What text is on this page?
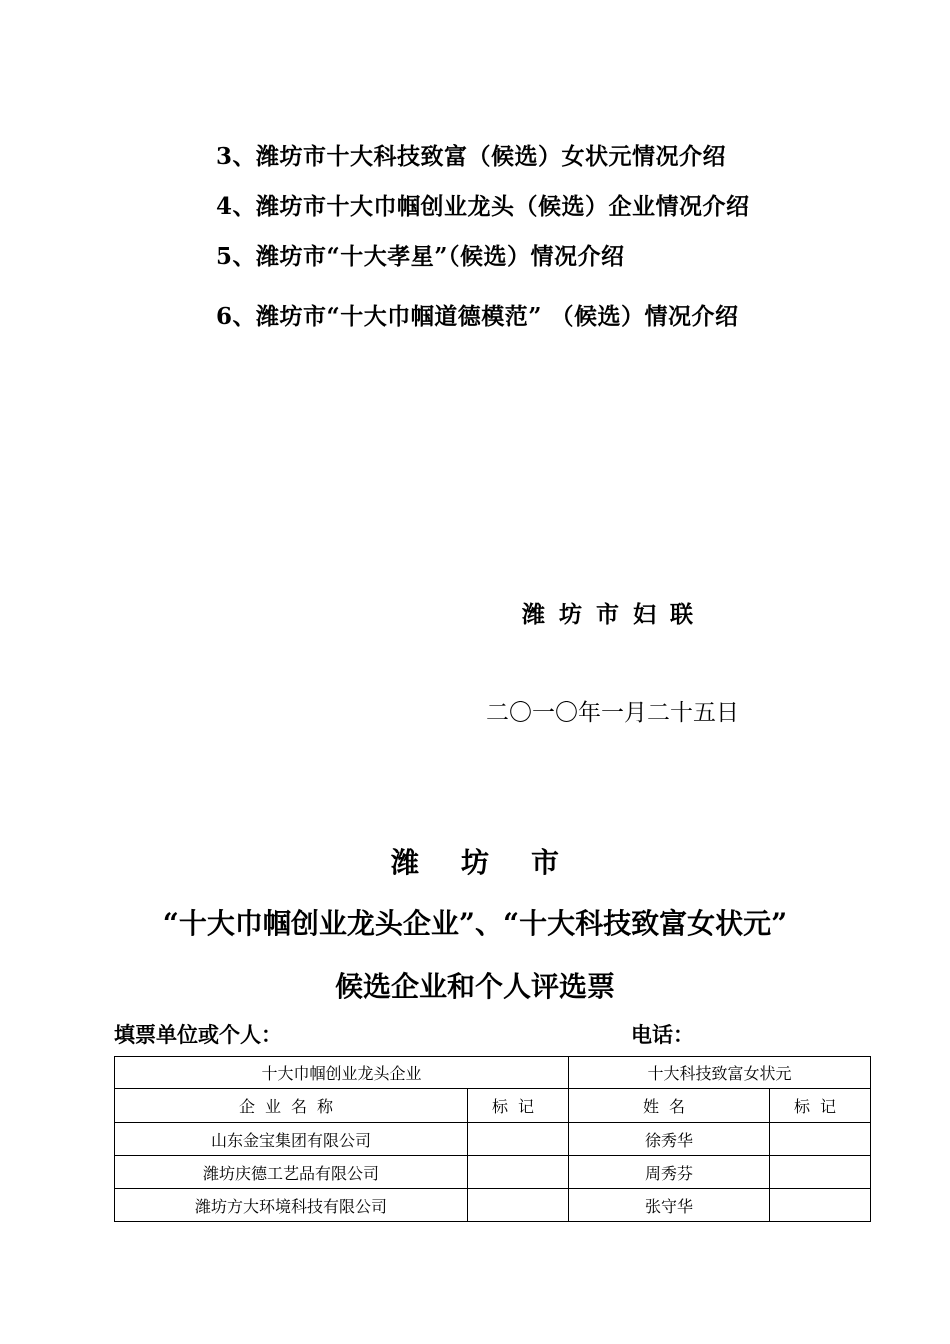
3、潍坊市十大科技致富（候选）女状元情况介绍
4、潍坊市十大巾帼创业龙头（候选）企业情况介绍
5、潍坊市“十大孝星”（候选）情况介绍
6、潍坊市“十大巾帼道德模范” （候选）情况介绍
潍坊市妇联
二〇一〇年一月二十五日
潍坊市
“十大巾帼创业龙头企业”、“十大科技致富女状元”
候选企业和个人评选票
填票单位或个人：	电话：
十大巾帼创业龙头企业		十大科技致富女状元	
企业名称	标记	姓名	标记
山东金宝集团有限公司		徐秀华	
潍坊庆德工艺品有限公司		周秀芬	
潍坊方大环境科技有限公司		张守华	
